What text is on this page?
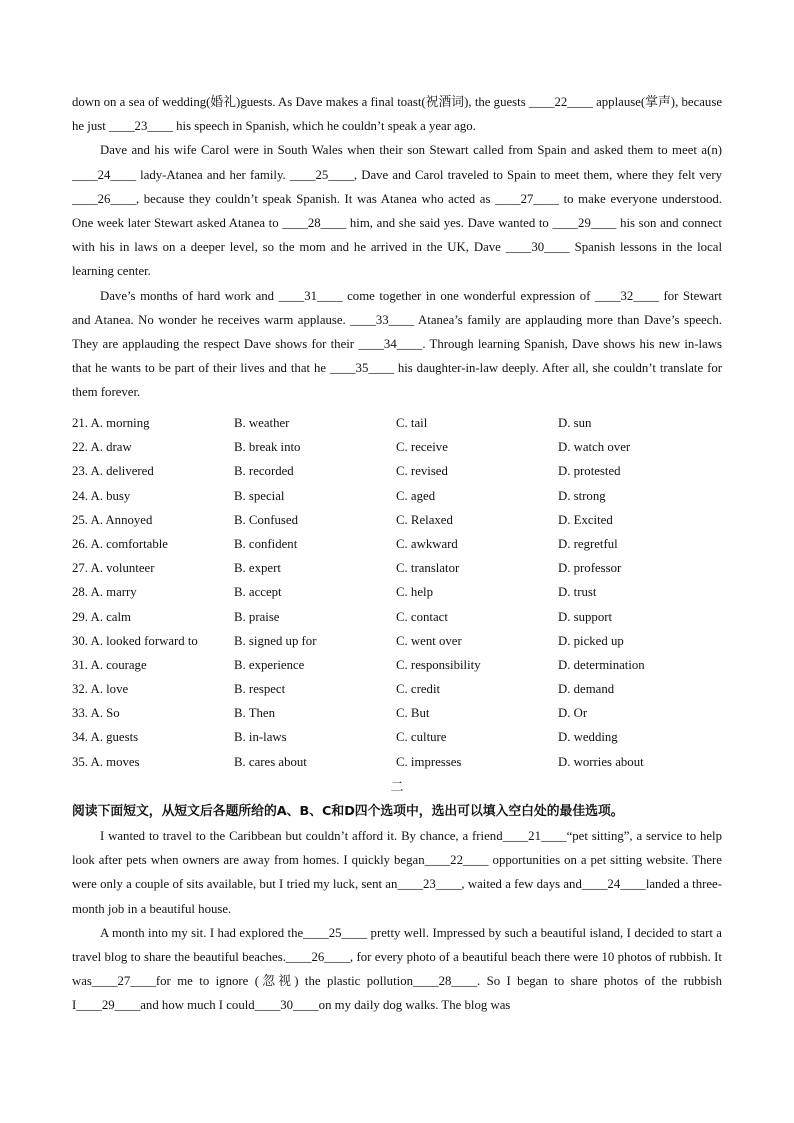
down on a sea of wedding(婚礼)guests. As Dave makes a final toast(祝酒词), the guests ____22____ applause(掌声), because he just ____23____ his speech in Spanish, which he couldn’t speak a year ago.

Dave and his wife Carol were in South Wales when their son Stewart called from Spain and asked them to meet a(n) ____24____ lady-Atanea and her family. ____25____, Dave and Carol traveled to Spain to meet them, where they felt very ____26____, because they couldn’t speak Spanish. It was Atanea who acted as ____27____ to make everyone understood. One week later Stewart asked Atanea to ____28____ him, and she said yes. Dave wanted to ____29____ his son and connect with his in laws on a deeper level, so the mom and he arrived in the UK, Dave ____30____ Spanish lessons in the local learning center.

Dave’s months of hard work and ____31____ come together in one wonderful expression of ____32____ for Stewart and Atanea. No wonder he receives warm applause. ____33____ Atanea’s family are applauding more than Dave’s speech. They are applauding the respect Dave shows for their ____34____. Through learning Spanish, Dave shows his new in-laws that he wants to be part of their lives and that he ____35____ his daughter-in-law deeply. After all, she couldn’t translate for them forever.

21. A. morning	B. weather	C. tail	D. sun
22. A. draw	B. break into	C. receive	D. watch over
23. A. delivered	B. recorded	C. revised	D. protested
24. A. busy	B. special	C. aged	D. strong
25. A. Annoyed	B. Confused	C. Relaxed	D. Excited
26. A. comfortable	B. confident	C. awkward	D. regretful
27. A. volunteer	B. expert	C. translator	D. professor
28. A. marry	B. accept	C. help	D. trust
29. A. calm	B. praise	C. contact	D. support
30. A. looked forward to	B. signed up for	C. went over	D. picked up
31. A. courage	B. experience	C. responsibility	D. determination
32. A. love	B. respect	C. credit	D. demand
33. A. So	B. Then	C. But	D. Or
34. A. guests	B. in-laws	C. culture	D. wedding
35. A. moves	B. cares about	C. impresses	D. worries about
二
阅读下面短文，从短文后各题所给的A、B、C和D四个选项中，选出可以填入空白处的最佳选项。

I wanted to travel to the Caribbean but couldn’t afford it. By chance, a friend____21____“pet sitting”, a service to help look after pets when owners are away from homes. I quickly began____22____ opportunities on a pet sitting website. There were only a couple of sits available, but I tried my luck, sent an____23____, waited a few days and____24____landed a three-month job in a beautiful house.

A month into my sit. I had explored the____25____ pretty well. Impressed by such a beautiful island, I decided to start a travel blog to share the beautiful beaches.____26____, for every photo of a beautiful beach there were 10 photos of rubbish. It was____27____for me to ignore (忽视) the plastic pollution____28____. So I began to share photos of the rubbish I____29____and how much I could____30____on my daily dog walks. The blog was
